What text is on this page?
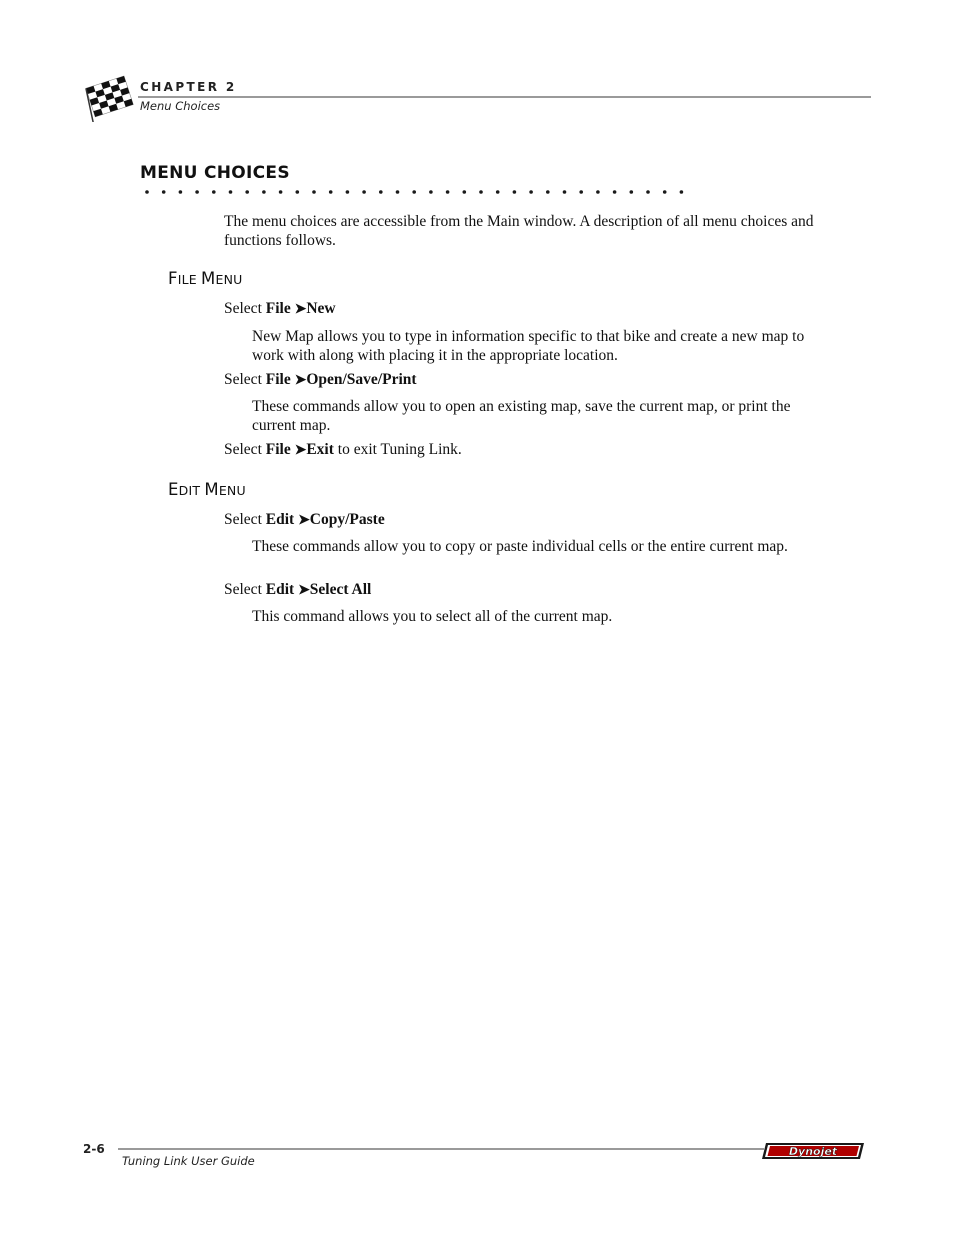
CHAPTER 2
Menu Choices
MENU CHOICES
The menu choices are accessible from the Main window. A description of all menu choices and functions follows.
FILE MENU
Select File ➤New
New Map allows you to type in information specific to that bike and create a new map to work with along with placing it in the appropriate location.
Select File ➤Open/Save/Print
These commands allow you to open an existing map, save the current map, or print the current map.
Select File ➤Exit to exit Tuning Link.
EDIT MENU
Select Edit ➤Copy/Paste
These commands allow you to copy or paste individual cells or the entire current map.
Select Edit ➤Select All
This command allows you to select all of the current map.
2-6
Tuning Link User Guide
Dynojet
